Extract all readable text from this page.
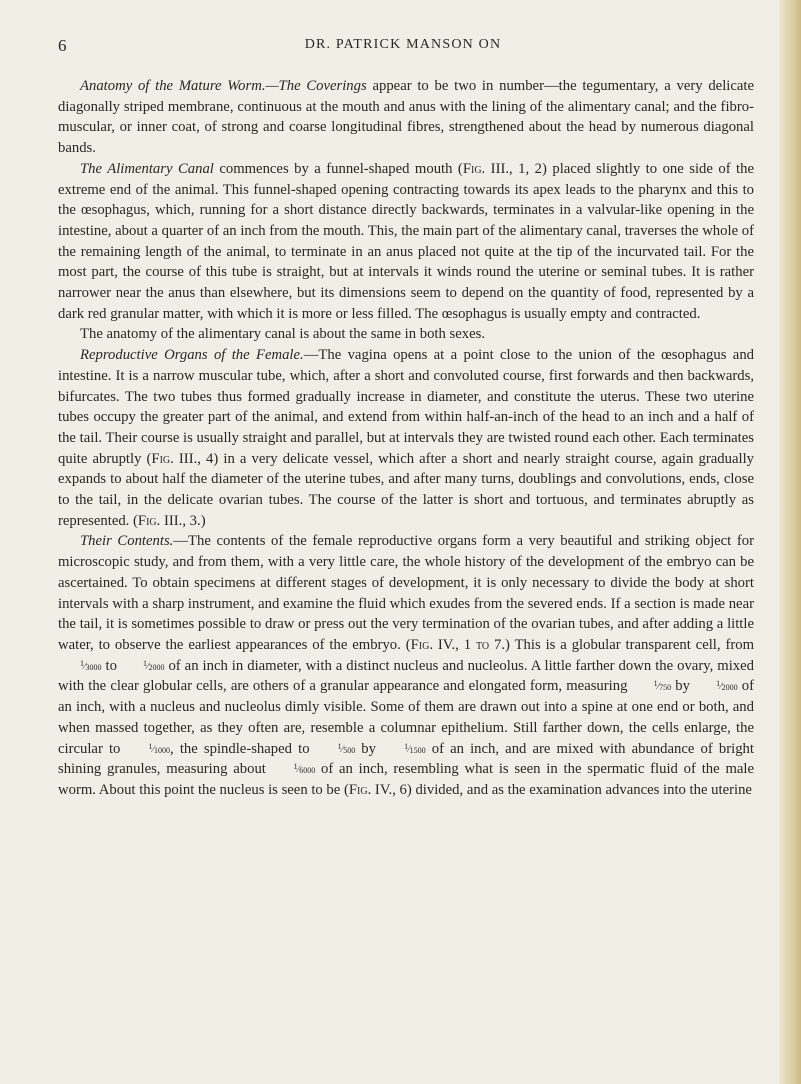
6	DR. PATRICK MANSON ON

Anatomy of the Mature Worm.—The Coverings appear to be two in number—the tegumentary, a very delicate diagonally striped membrane, continuous at the mouth and anus with the lining of the alimentary canal; and the fibro-muscular, or inner coat, of strong and coarse longitudinal fibres, strengthened about the head by numerous diagonal bands.

The Alimentary Canal commences by a funnel-shaped mouth (Fig. III., 1, 2) placed slightly to one side of the extreme end of the animal. This funnel-shaped opening contracting towards its apex leads to the pharynx and this to the œsophagus, which, running for a short distance directly backwards, terminates in a valvular-like opening in the intestine, about a quarter of an inch from the mouth. This, the main part of the alimentary canal, traverses the whole of the remaining length of the animal, to terminate in an anus placed not quite at the tip of the incurvated tail. For the most part, the course of this tube is straight, but at intervals it winds round the uterine or seminal tubes. It is rather narrower near the anus than elsewhere, but its dimensions seem to depend on the quantity of food, represented by a dark red granular matter, with which it is more or less filled. The œsophagus is usually empty and contracted.

The anatomy of the alimentary canal is about the same in both sexes.

Reproductive Organs of the Female.—The vagina opens at a point close to the union of the œsophagus and intestine. It is a narrow muscular tube, which, after a short and convoluted course, first forwards and then backwards, bifurcates. The two tubes thus formed gradually increase in diameter, and constitute the uterus. These two uterine tubes occupy the greater part of the animal, and extend from within half-an-inch of the head to an inch and a half of the tail. Their course is usually straight and parallel, but at intervals they are twisted round each other. Each terminates quite abruptly (Fig. III., 4) in a very delicate vessel, which after a short and nearly straight course, again gradually expands to about half the diameter of the uterine tubes, and after many turns, doublings and convolutions, ends, close to the tail, in the delicate ovarian tubes. The course of the latter is short and tortuous, and terminates abruptly as represented. (Fig. III., 3.)

Their Contents.—The contents of the female reproductive organs form a very beautiful and striking object for microscopic study, and from them, with a very little care, the whole history of the development of the embryo can be ascertained. To obtain specimens at different stages of development, it is only necessary to divide the body at short intervals with a sharp instrument, and examine the fluid which exudes from the severed ends. If a section is made near the tail, it is sometimes possible to draw or press out the very termination of the ovarian tubes, and after adding a little water, to observe the earliest appearances of the embryo. (Fig. IV., 1 to 7.) This is a globular transparent cell, from $^1⁄_{3000}$ to	$^1⁄_{2000}$ of an inch in diameter, with a distinct nucleus and nucleolus. A little farther down the ovary, mixed with the clear globular cells, are others of a granular appearance and elongated form, measuring	$^1⁄_{750}$ by	$^1⁄_{2000}$ of an inch, with a nucleus and nucleolus dimly visible. Some of them are drawn out into a spine at one end or both, and when massed together, as they often are, resemble a columnar epithelium. Still farther down, the cells enlarge, the circular to	$^1⁄_{1000}$, the spindle-shaped to	$^1⁄_{500}$ by	$^1⁄_{1500}$ of an inch, and are mixed with abundance of bright shining granules, measuring about	$^1⁄_{6000}$ of an inch, resembling what is seen in the spermatic fluid of the male worm. About this point the nucleus is seen to be (Fig. IV., 6) divided, and as the examination advances into the uterine
